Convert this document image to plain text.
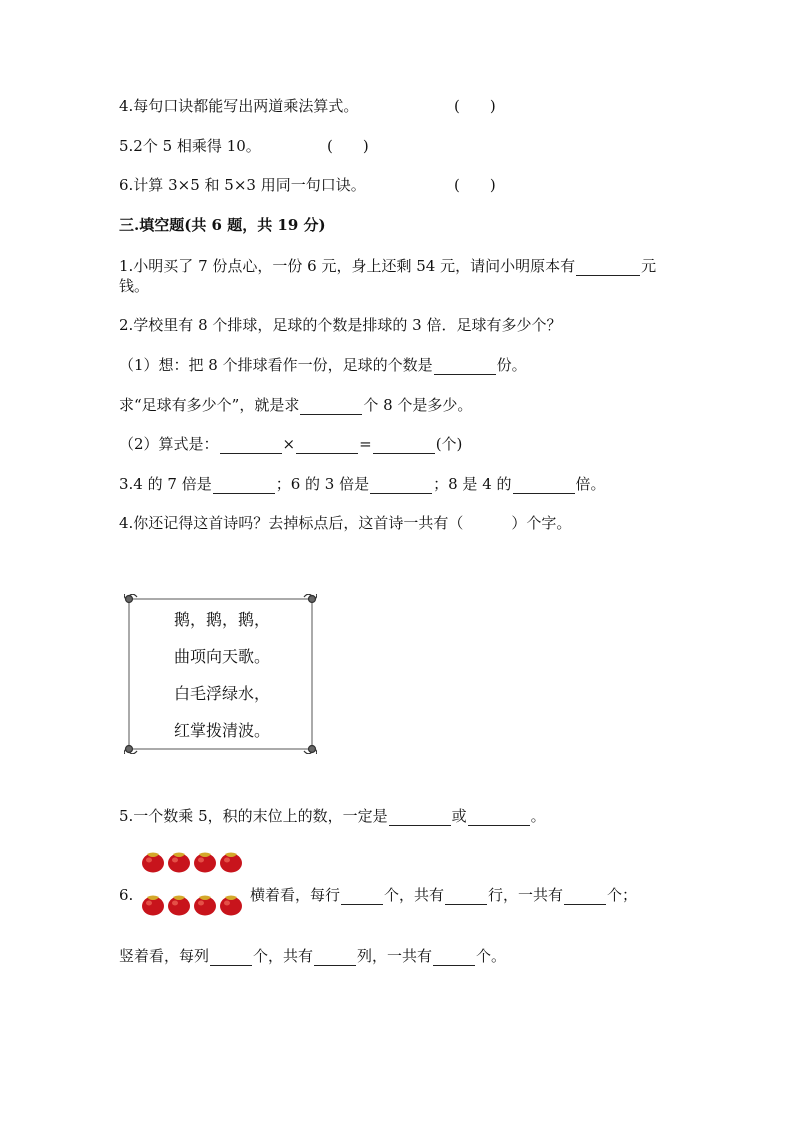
4.每句口诀都能写出两道乘法算式。	(　　)
5.2个 5 相乘得 10。	(　　)
6.计算 3×5 和 5×3 用同一句口诀。	(　　)
三.填空题(共 6 题，共 19 分)
1.小明买了 7 份点心，一份 6 元，身上还剩 54 元，请问小明原本有	元
钱。
2.学校里有 8 个排球，足球的个数是排球的 3 倍．足球有多少个？
（1）想：把 8 个排球看作一份，足球的个数是	份。
求“足球有多少个”，就是求	个 8 个是多少。
（2）算式是：	×	=	(个)
3.4 的 7 倍是	；6 的 3 倍是	；8 是 4 的	倍。
4.你还记得这首诗吗？去掉标点后，这首诗一共有（	）个字。
鹅，鹅，鹅，
曲项向天歌。
白毛浮绿水，
红掌拨清波。
5.一个数乘 5，积的末位上的数，一定是	或	。
6.	横着看，每行	个，共有	行，一共有	个；
竖着看，每列	个，共有	列，一共有	个。
